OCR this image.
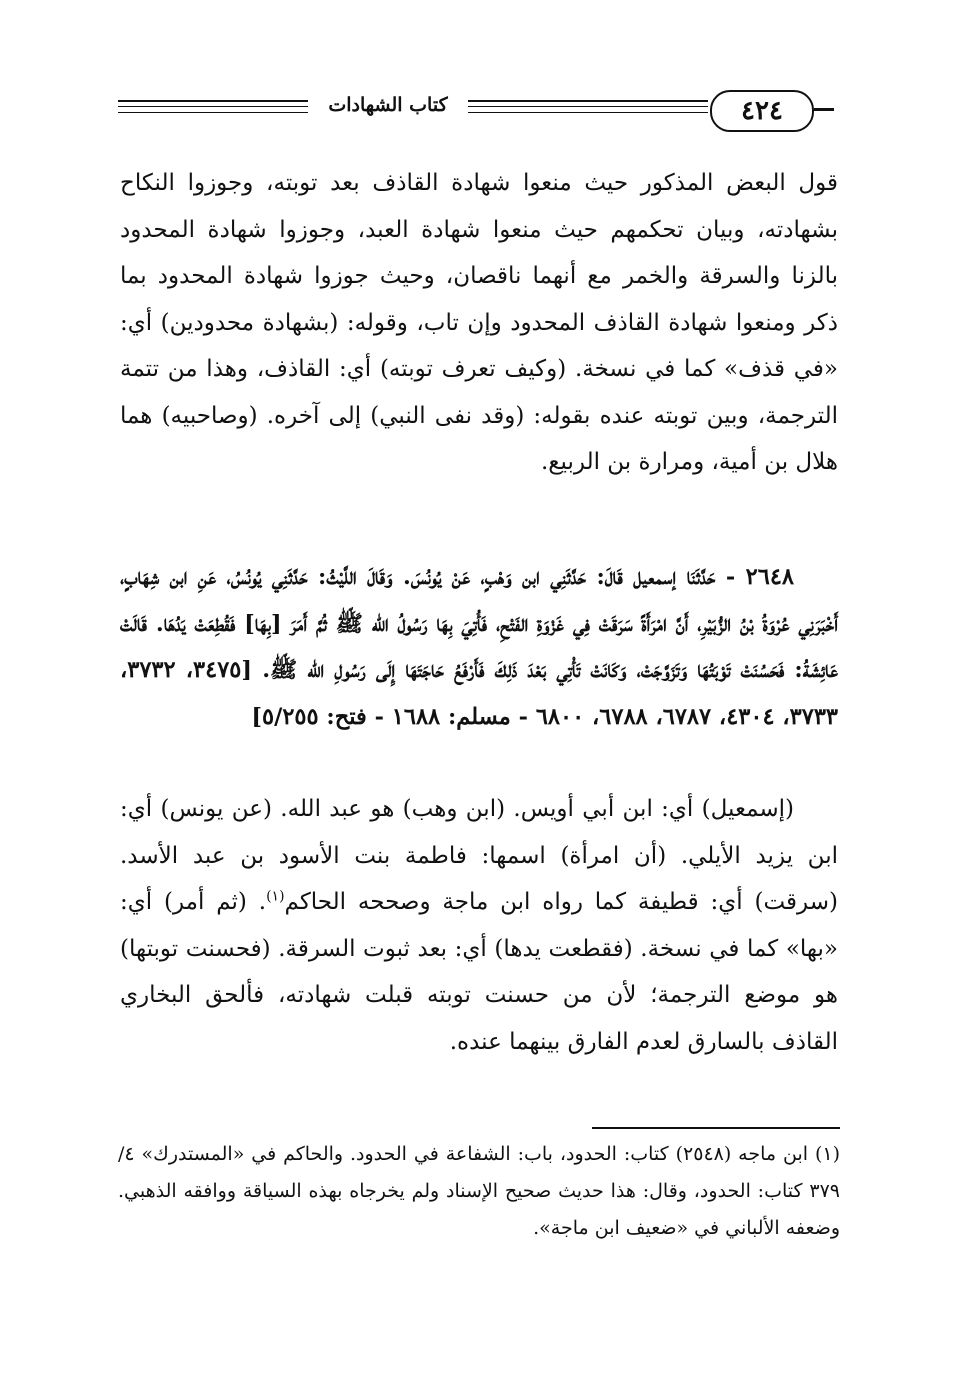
كتاب الشهادات	٤٢٤

قول البعض المذكور حيث منعوا شهادة القاذف بعد توبته، وجوزوا النكاح بشهادته، وبيان تحكمهم حيث منعوا شهادة العبد، وجوزوا شهادة المحدود بالزنا والسرقة والخمر مع أنهما ناقصان، وحيث جوزوا شهادة المحدود بما ذكر ومنعوا شهادة القاذف المحدود وإن تاب، وقوله: (بشهادة محدودين) أي: «في قذف» كما في نسخة. (وكيف تعرف توبته) أي: القاذف، وهذا من تتمة الترجمة، وبين توبته عنده بقوله: (وقد نفى النبي) إلى آخره. (وصاحبيه) هما هلال بن أمية، ومرارة بن الربيع.

٢٦٤٨ - حَدَّثَنَا إسمعيل قَالَ: حَدَّثَنِي ابن وَهْبٍ، عَنْ يُونُسَ. وَقَالَ اللَّيْثُ: حَدَّثَنِي يُونُسُ، عَنِ ابن شِهَابٍ، أَخْبَرَنِي عُرْوَةُ بْنُ الزُّبَيْرِ، أَنَّ امْرَأَةً سَرَقَتْ فِي غَزْوَةِ الفَتْحِ، فَأُتِيَ بِهَا رَسُولُ الله ﷺ ثُمَّ أَمَرَ [بِهَا] فَقُطِعَتْ يَدُهَا. قَالَتْ عَائِشَةُ: فَحَسُنَتْ تَوْبَتُهَا وَتَزَوَّجَتْ، وَكَانَتْ تَأْتِي بَعْدَ ذَلِكَ فَأَرْفَعُ حَاجَتَهَا إِلَى رَسُولِ الله ﷺ. [٣٤٧٥، ٣٧٣٢، ٣٧٣٣، ٤٣٠٤، ٦٧٨٧، ٦٧٨٨، ٦٨٠٠ - مسلم: ١٦٨٨ - فتح: ٥/٢٥٥]

(إسمعيل) أي: ابن أبي أويس. (ابن وهب) هو عبد الله. (عن يونس) أي: ابن يزيد الأيلي. (أن امرأة) اسمها: فاطمة بنت الأسود بن عبد الأسد. (سرقت) أي: قطيفة كما رواه ابن ماجة وصححه الحاكم$^{(١)}$. (ثم أمر) أي: «بها» كما في نسخة. (فقطعت يدها) أي: بعد ثبوت السرقة. (فحسنت توبتها) هو موضع الترجمة؛ لأن من حسنت توبته قبلت شهادته، فألحق البخاري القاذف بالسارق لعدم الفارق بينهما عنده.

(١) ابن ماجه (٢٥٤٨) كتاب: الحدود، باب: الشفاعة في الحدود. والحاكم في «المستدرك» ٤/ ٣٧٩ كتاب: الحدود، وقال: هذا حديث صحيح الإسناد ولم يخرجاه بهذه السياقة ووافقه الذهبي. وضعفه الألباني في «ضعيف ابن ماجة».
